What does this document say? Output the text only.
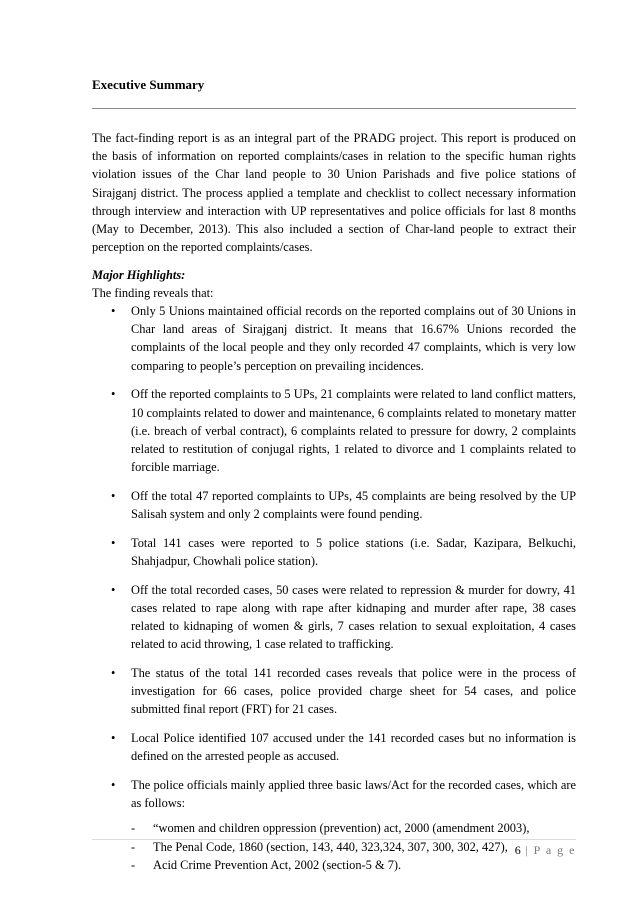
Executive Summary

The fact-finding report is as an integral part of the PRADG project. This report is produced on the basis of information on reported complaints/cases in relation to the specific human rights violation issues of the Char land people to 30 Union Parishads and five police stations of Sirajganj district. The process applied a template and checklist to collect necessary information through interview and interaction with UP representatives and police officials for last 8 months (May to December, 2013). This also included a section of Char-land people to extract their perception on the reported complaints/cases.

Major Highlights:
The finding reveals that:
• Only 5 Unions maintained official records on the reported complains out of 30 Unions in Char land areas of Sirajganj district. It means that 16.67% Unions recorded the complaints of the local people and they only recorded 47 complaints, which is very low comparing to people’s perception on prevailing incidences.
• Off the reported complaints to 5 UPs, 21 complaints were related to land conflict matters, 10 complaints related to dower and maintenance, 6 complaints related to monetary matter (i.e. breach of verbal contract), 6 complaints related to pressure for dowry, 2 complaints related to restitution of conjugal rights, 1 related to divorce and 1 complaints related to forcible marriage.
• Off the total 47 reported complaints to UPs, 45 complaints are being resolved by the UP Salisah system and only 2 complaints were found pending.
• Total 141 cases were reported to 5 police stations (i.e. Sadar, Kazipara, Belkuchi, Shahjadpur, Chowhali police station).
• Off the total recorded cases, 50 cases were related to repression & murder for dowry, 41 cases related to rape along with rape after kidnaping and murder after rape, 38 cases related to kidnaping of women & girls, 7 cases relation to sexual exploitation, 4 cases related to acid throwing, 1 case related to trafficking.
• The status of the total 141 recorded cases reveals that police were in the process of investigation for 66 cases, police provided charge sheet for 54 cases, and police submitted final report (FRT) for 21 cases.
• Local Police identified 107 accused under the 141 recorded cases but no information is defined on the arrested people as accused.
• The police officials mainly applied three basic laws/Act for the recorded cases, which are as follows:
- “women and children oppression (prevention) act, 2000 (amendment 2003),
- The Penal Code, 1860 (section, 143, 440, 323,324, 307, 300, 302, 427),
- Acid Crime Prevention Act, 2002 (section-5 & 7).
6 | P a g e
